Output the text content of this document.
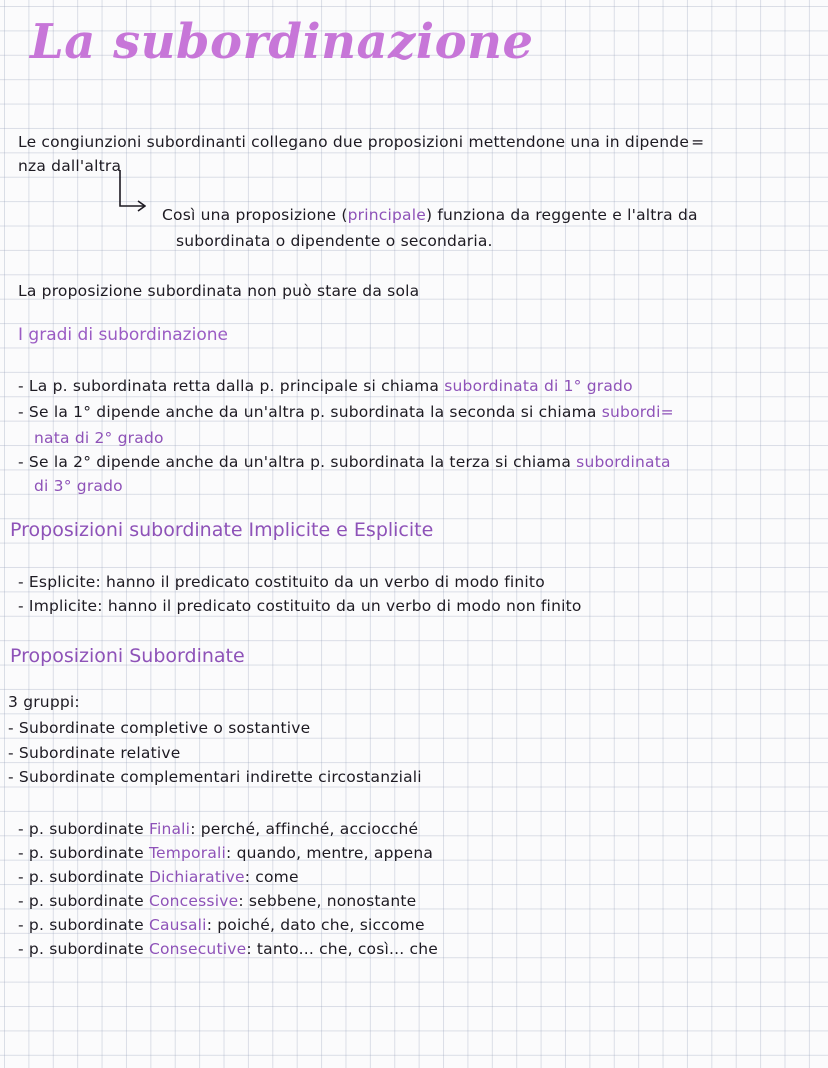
La subordinazione
Le congiunzioni subordinanti collegano due proposizioni mettendone una in dipende =
nza dall'altra
Così una proposizione (principale) funziona da reggente e l'altra da
subordinata o dipendente o secondaria.
La proposizione subordinata non può stare da sola
I gradi di subordinazione
- La p. subordinata retta dalla p. principale si chiama subordinata di 1° grado
- Se la 1° dipende anche da un'altra p. subordinata la seconda si chiama subordi=
nata di 2° grado
- Se la 2° dipende anche da un'altra p. subordinata la terza si chiama subordinata
di 3° grado
Proposizioni subordinate Implicite e Esplicite
- Esplicite: hanno il predicato costituito da un verbo di modo finito
- Implicite: hanno il predicato costituito da un verbo di modo non finito
Proposizioni Subordinate
3 gruppi:
- Subordinate completive o sostantive
- Subordinate relative
- Subordinate complementari indirette circostanziali
- p. subordinate Finali: perché, affinché, acciocché
- p. subordinate Temporali: quando, mentre, appena
- p. subordinate Dichiarative: come
- p. subordinate Concessive: sebbene, nonostante
- p. subordinate Causali: poiché, dato che, siccome
- p. subordinate Consecutive: tanto... che, così... che
